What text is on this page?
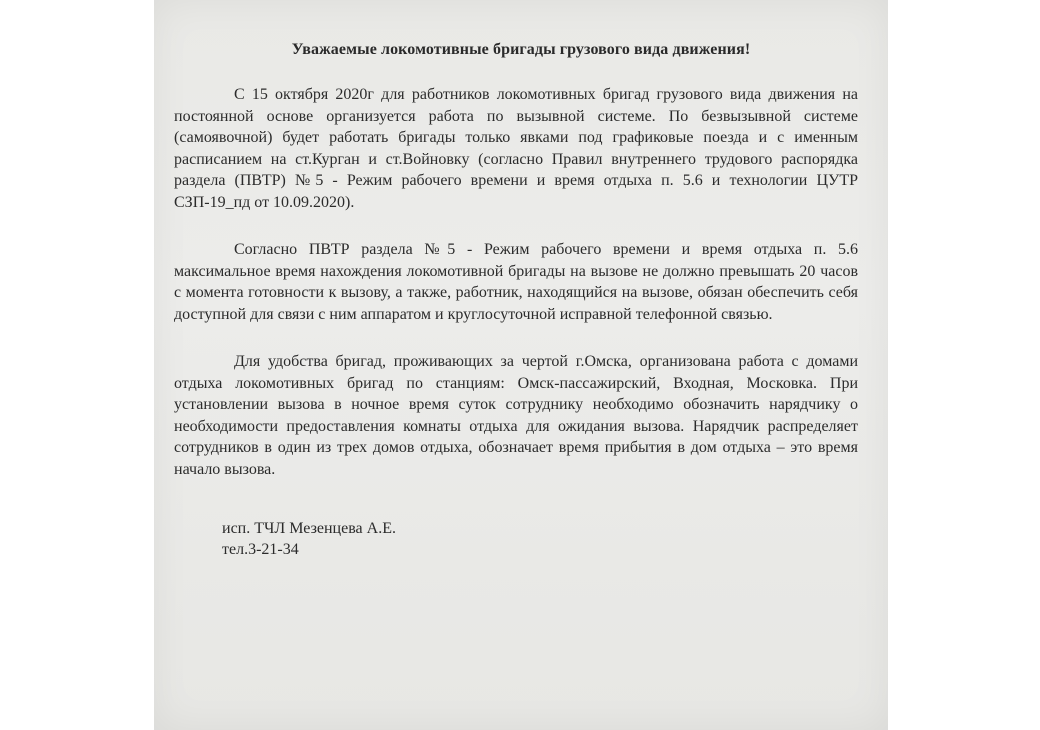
Уважаемые локомотивные бригады грузового вида движения!

С 15 октября 2020г для работников локомотивных бригад грузового вида движения на постоянной основе организуется работа по вызывной системе. По безвызывной системе (самоявочной) будет работать бригады только явками под графиковые поезда и с именным расписанием на ст.Курган и ст.Войновку (согласно Правил внутреннего трудового распорядка раздела (ПВТР) №5 - Режим рабочего времени и время отдыха п. 5.6 и технологии ЦУТР СЗП-19_пд от 10.09.2020).

Согласно ПВТР раздела №5 - Режим рабочего времени и время отдыха п. 5.6 максимальное время нахождения локомотивной бригады на вызове не должно превышать 20 часов с момента готовности к вызову, а также, работник, находящийся на вызове, обязан обеспечить себя доступной для связи с ним аппаратом и круглосуточной исправной телефонной связью.

Для удобства бригад, проживающих за чертой г.Омска, организована работа с домами отдыха локомотивных бригад по станциям: Омск-пассажирский, Входная, Московка. При установлении вызова в ночное время суток сотруднику необходимо обозначить нарядчику о необходимости предоставления комнаты отдыха для ожидания вызова. Нарядчик распределяет сотрудников в один из трех домов отдыха, обозначает время прибытия в дом отдыха – это время начало вызова.

исп. ТЧЛ Мезенцева А.Е.
тел.3-21-34
